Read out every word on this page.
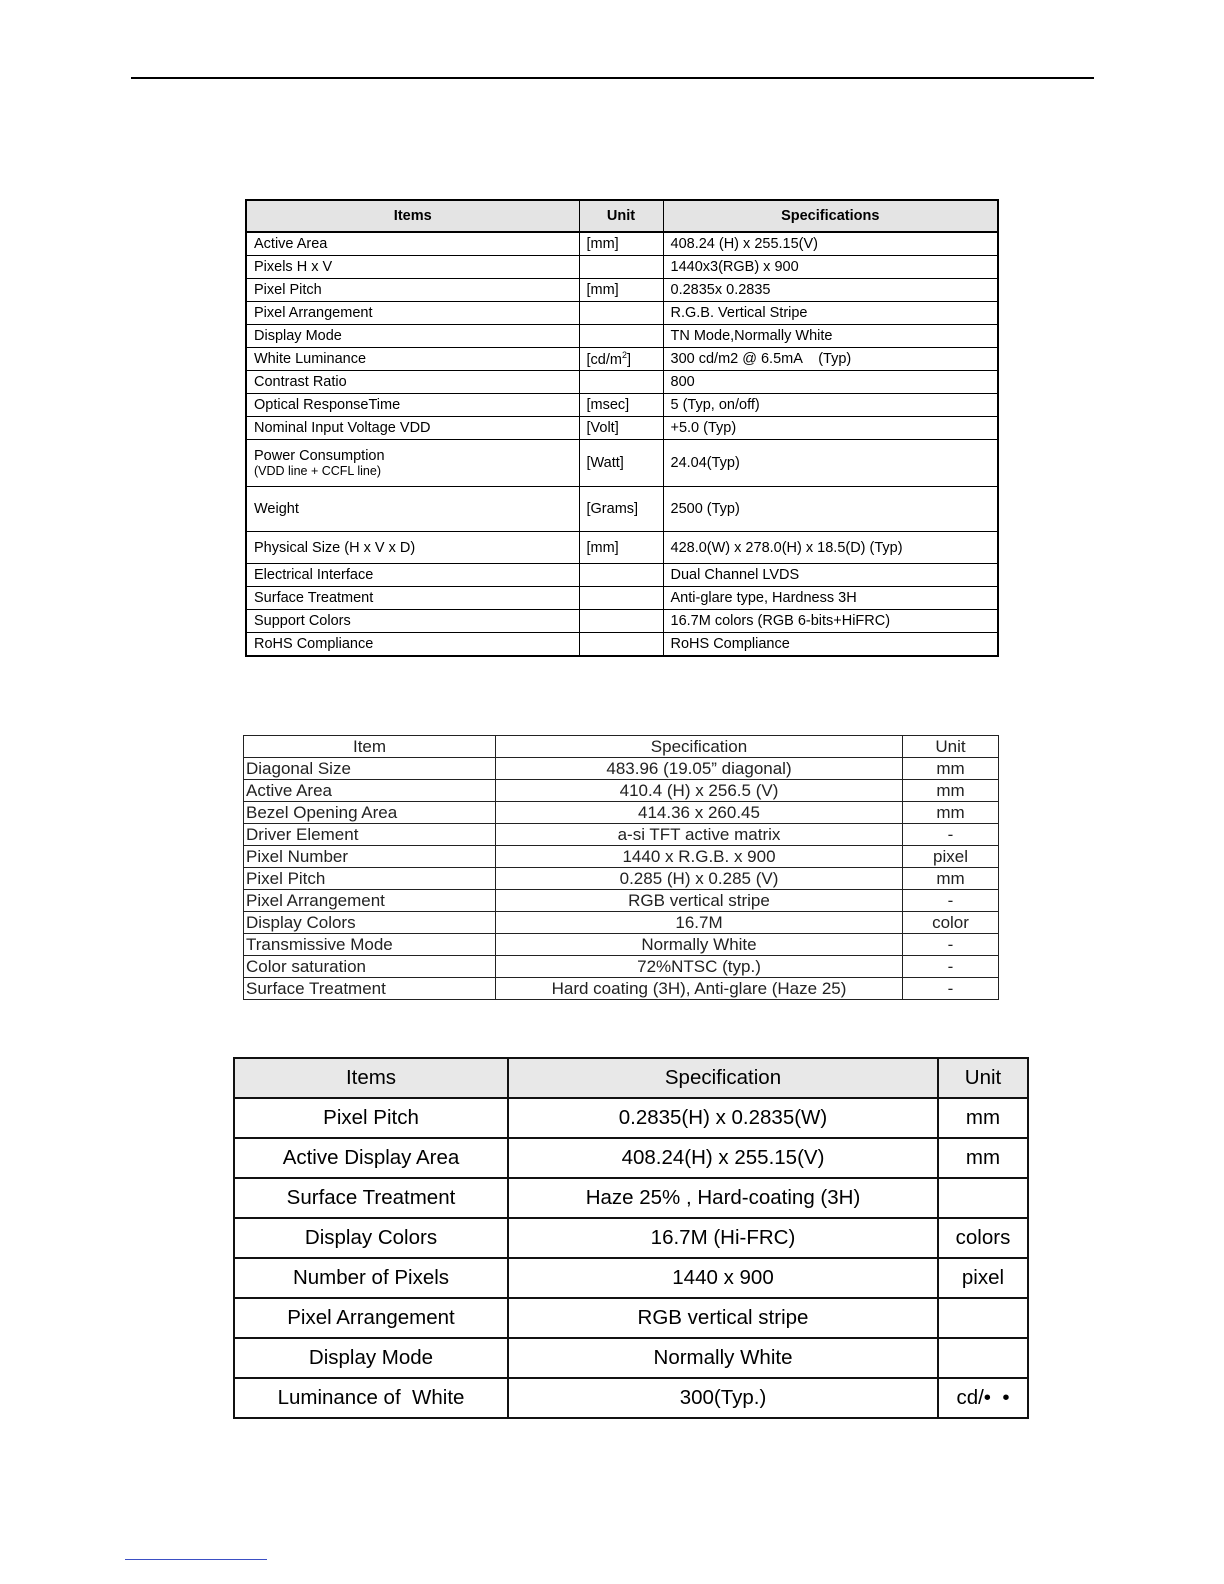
Items	Unit	Specifications
Active Area	[mm]	408.24 (H) x 255.15(V)
Pixels H x V		1440x3(RGB) x 900
Pixel Pitch	[mm]	0.2835x 0.2835
Pixel Arrangement		R.G.B. Vertical Stripe
Display Mode		TN Mode,Normally White
White Luminance	$[cd/m^2]$	300 cd/m2 @ 6.5mA    (Typ)
Contrast Ratio		800
Optical ResponseTime	[msec]	5 (Typ, on/off)
Nominal Input Voltage VDD	[Volt]	+5.0 (Typ)

Power Consumption
(VDD line + CCFL line)	[Watt]	24.04(Typ)
Weight	[Grams]	2500 (Typ)
Physical Size (H x V x D)	[mm]	428.0(W) x 278.0(H) x 18.5(D) (Typ)
Electrical Interface		Dual Channel LVDS
Surface Treatment		Anti-glare type, Hardness 3H
Support Colors		16.7M colors (RGB 6-bits+HiFRC)
RoHS Compliance		RoHS Compliance
Item	Specification	Unit
Diagonal Size	483.96 (19.05” diagonal)	mm
Active Area	410.4 (H) x 256.5 (V)	mm
Bezel Opening Area	414.36 x 260.45	mm
Driver Element	a-si TFT active matrix	-
Pixel Number	1440 x R.G.B. x 900	pixel
Pixel Pitch	0.285 (H) x 0.285 (V)	mm
Pixel Arrangement	RGB vertical stripe	-
Display Colors	16.7M	color
Transmissive Mode	Normally White	-
Color saturation	72%NTSC (typ.)	-
Surface Treatment	Hard coating (3H), Anti-glare (Haze 25)	-
Items	Specification	Unit
Pixel Pitch	0.2835(H) x 0.2835(W)	mm
Active Display Area	408.24(H) x 255.15(V)	mm
Surface Treatment	Haze 25% , Hard-coating (3H)	
Display Colors	16.7M (Hi-FRC)	colors
Number of Pixels	1440 x 900	pixel
Pixel Arrangement	RGB vertical stripe	
Display Mode	Normally White	
Luminance of  White	300(Typ.)	cd/•  •
